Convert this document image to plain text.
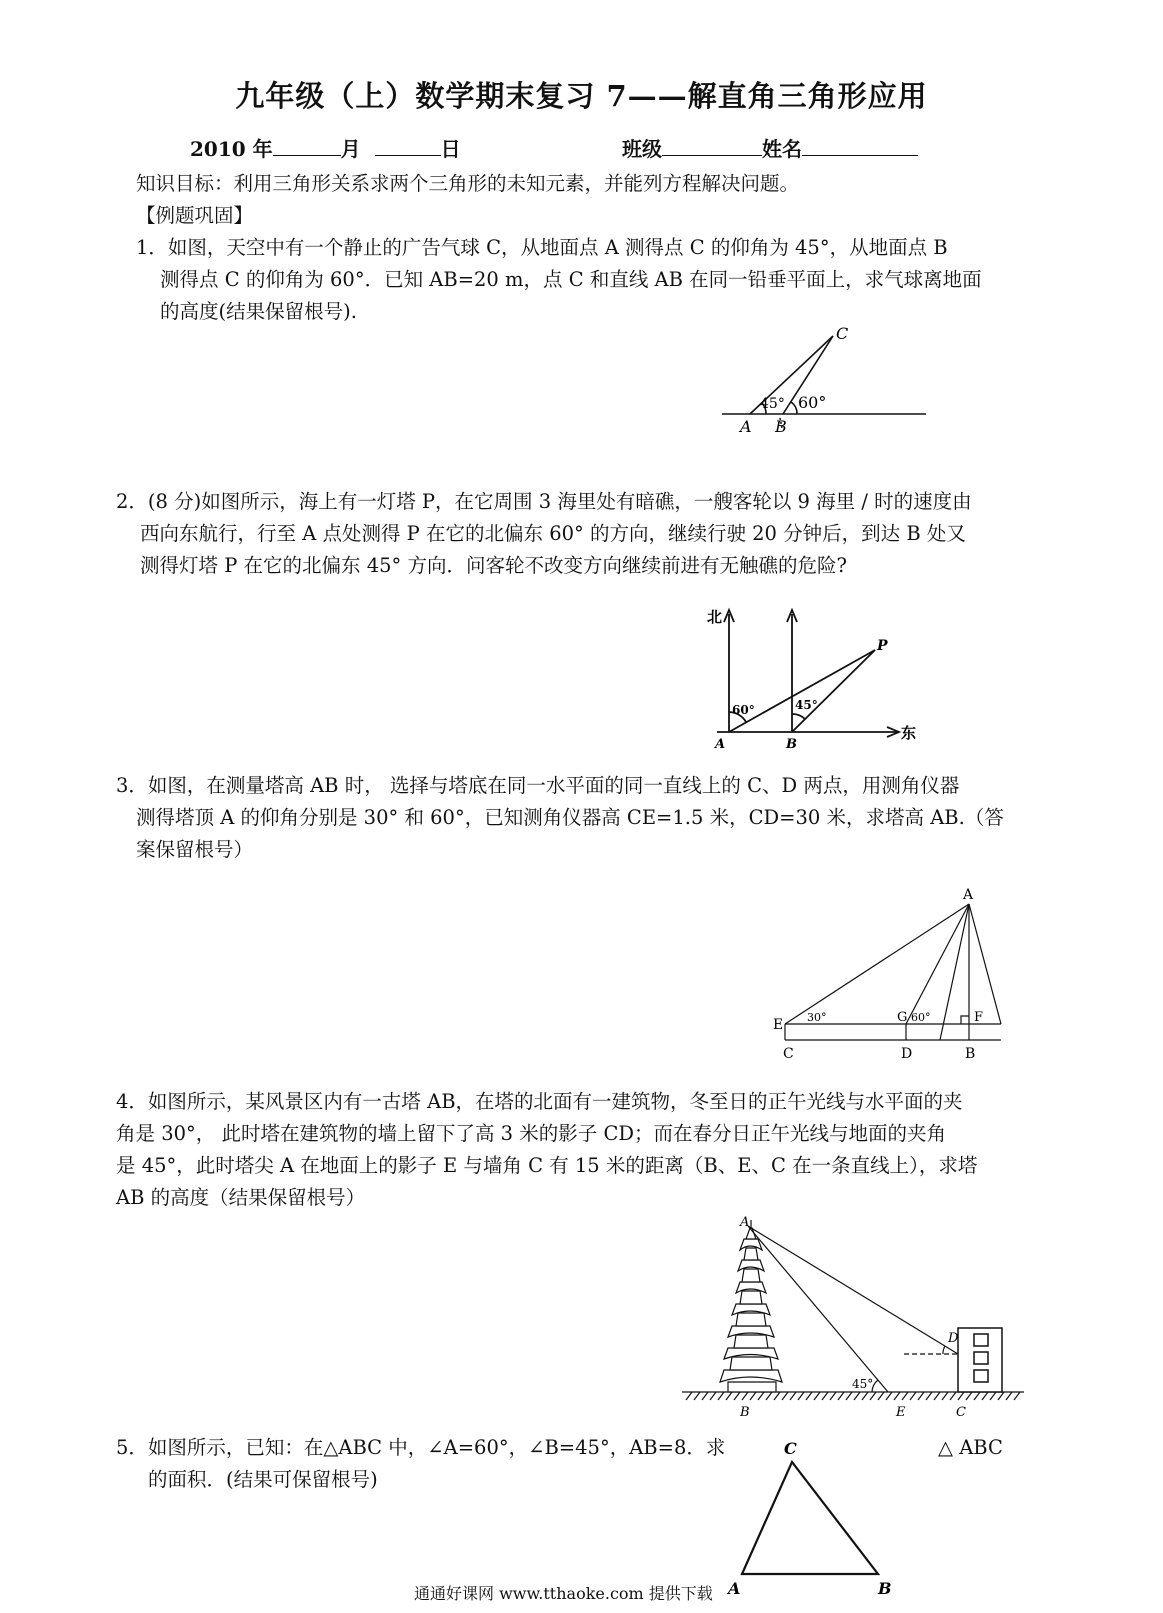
九年级（上）数学期末复习 7——解直角三角形应用
2010 年	月	日	班级	姓名
知识目标：利用三角形关系求两个三角形的未知元素，并能列方程解决问题。
【例题巩固】
1．如图，天空中有一个静止的广告气球 C，从地面点 A 测得点 C 的仰角为 45°，从地面点 B
测得点 C 的仰角为 60°．已知 AB=20 m，点 C 和直线 AB 在同一铅垂平面上，求气球离地面
的高度(结果保留根号).
C
A B
45° 60°
2．(8 分)如图所示，海上有一灯塔 P，在它周围 3 海里处有暗礁，一艘客轮以 9 海里 / 时的速度由
西向东航行，行至 A 点处测得 P 在它的北偏东 60° 的方向，继续行驶 20 分钟后，到达 B 处又
测得灯塔 P 在它的北偏东 45° 方向．问客轮不改变方向继续前进有无触礁的危险?
北
东
P
A	B
60°	45°
3．如图，在测量塔高 AB 时， 选择与塔底在同一水平面的同一直线上的 C、D 两点，用测角仪器
测得塔顶 A 的仰角分别是 30° 和 60°，已知测角仪器高 CE=1.5 米，CD=30 米，求塔高 AB.（答
案保留根号）
A
E
C
G
D
F
B
30°	60°
4．如图所示，某风景区内有一古塔 AB，在塔的北面有一建筑物，冬至日的正午光线与水平面的夹
角是 30°， 此时塔在建筑物的墙上留下了高 3 米的影子 CD；而在春分日正午光线与地面的夹角
是 45°，此时塔尖 A 在地面上的影子 E 与墙角 C 有 15 米的距离（B、E、C 在一条直线上），求塔
AB 的高度（结果保留根号）
A
D
B	E	C
45°
5．如图所示，已知：在△ABC 中，∠A=60°，∠B=45°，AB=8．求	△ ABC
的面积．(结果可保留根号)
C
A	B
通通好课网 www.tthaoke.com 提供下载
